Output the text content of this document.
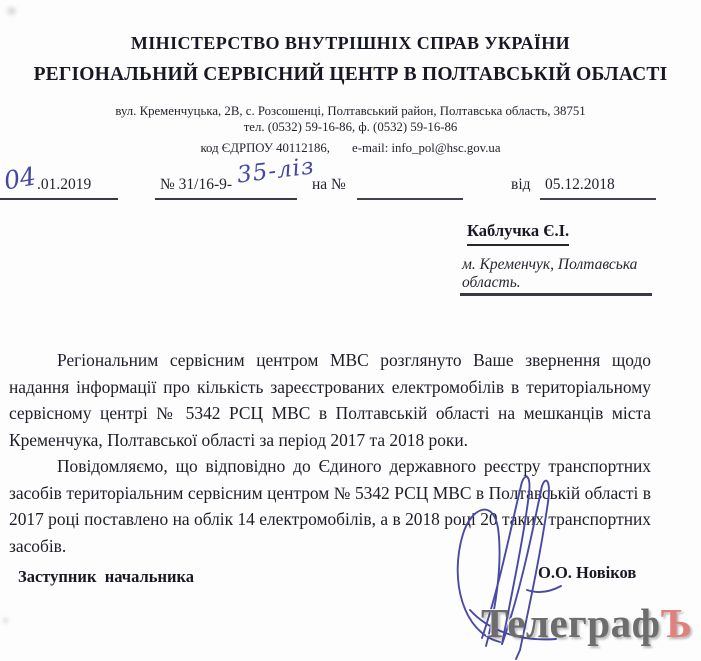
МІНІСТЕРСТВО ВНУТРІШНІХ СПРАВ УКРАЇНИ
РЕГІОНАЛЬНИЙ СЕРВІСНИЙ ЦЕНТР В ПОЛТАВСЬКІЙ ОБЛАСТІ
вул. Кременчуцька, 2В, с. Розсошенці, Полтавський район, Полтавська область, 38751
тел. (0532) 59-16-86, ф. (0532) 59-16-86
код ЄДРПОУ 40112186, e-mail: info_pol@hsc.gov.ua
04
.01.2019	№ 31/16-9- 35-ліз
на №	від 05.12.2018
Каблучка Є.І.
м. Кременчук, Полтавська
область.

Регіональним сервісним центром МВС розглянуто Ваше звернення щодо надання інформації про кількість зареєстрованих електромобілів в територіальному сервісному центрі № 5342 РСЦ МВС в Полтавській області на мешканців міста Кременчука, Полтавської області за період 2017 та 2018 роки.

Повідомляємо, що відповідно до Єдиного державного реєстру транспортних засобів територіальним сервісним центром № 5342 РСЦ МВС в Полтавській області в 2017 році поставлено на облік 14 електромобілів, а в 2018 році 20 таких транспортних засобів.

Заступник  начальника	О.О. Новіков
ТелеграфЪ
